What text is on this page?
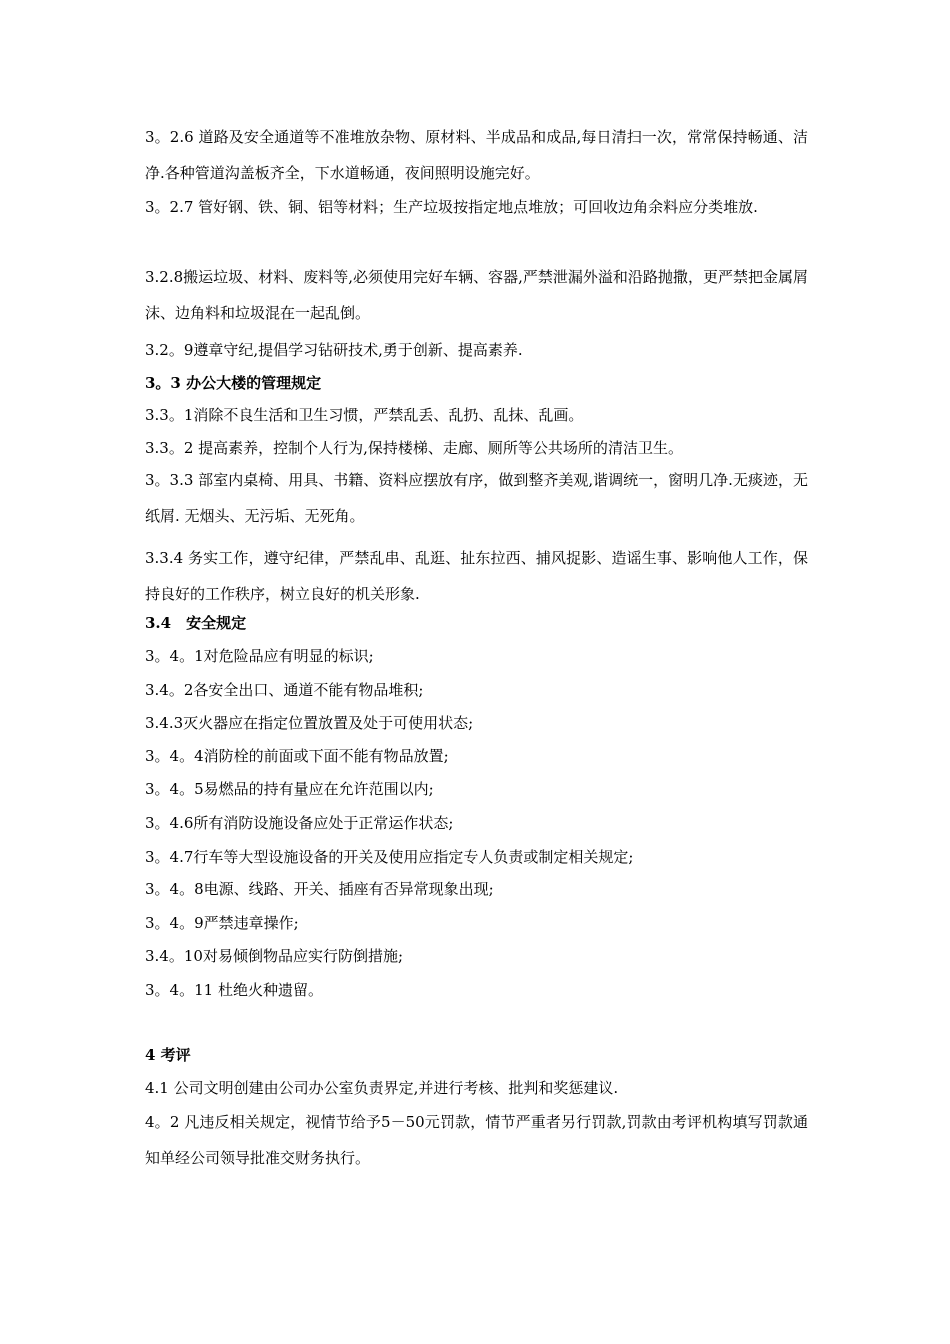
3。2.6 道路及安全通道等不准堆放杂物、原材料、半成品和成品,每日清扫一次，常常保持畅通、洁净.各种管道沟盖板齐全，下水道畅通，夜间照明设施完好。
3。2.7 管好钢、铁、铜、铝等材料；生产垃圾按指定地点堆放；可回收边角余料应分类堆放.
3.2.8搬运垃圾、材料、废料等,必须使用完好车辆、容器,严禁泄漏外溢和沿路抛撒，更严禁把金属屑沫、边角料和垃圾混在一起乱倒。
3.2。9遵章守纪,提倡学习钻研技术,勇于创新、提高素养.
3。3 办公大楼的管理规定
3.3。1消除不良生活和卫生习惯，严禁乱丢、乱扔、乱抹、乱画。
3.3。2 提高素养，控制个人行为,保持楼梯、走廊、厕所等公共场所的清洁卫生。
3。3.3 部室内桌椅、用具、书籍、资料应摆放有序，做到整齐美观,谐调统一，窗明几净.无痰迹，无纸屑. 无烟头、无污垢、无死角。
3.3.4 务实工作，遵守纪律，严禁乱串、乱逛、扯东拉西、捕风捉影、造谣生事、影响他人工作，保持良好的工作秩序，树立良好的机关形象.
3.4　安全规定
3。4。1对危险品应有明显的标识;
3.4。2各安全出口、通道不能有物品堆积;
3.4.3灭火器应在指定位置放置及处于可使用状态;
3。4。4消防栓的前面或下面不能有物品放置;
3。4。5易燃品的持有量应在允许范围以内;
3。4.6所有消防设施设备应处于正常运作状态;
3。4.7行车等大型设施设备的开关及使用应指定专人负责或制定相关规定;
3。4。8电源、线路、开关、插座有否异常现象出现;
3。4。9严禁违章操作;
3.4。10对易倾倒物品应实行防倒措施;
3。4。11 杜绝火种遗留。
4 考评
4.1 公司文明创建由公司办公室负责界定,并进行考核、批判和奖惩建议.
4。2 凡违反相关规定，视情节给予5－50元罚款，情节严重者另行罚款,罚款由考评机构填写罚款通知单经公司领导批准交财务执行。
